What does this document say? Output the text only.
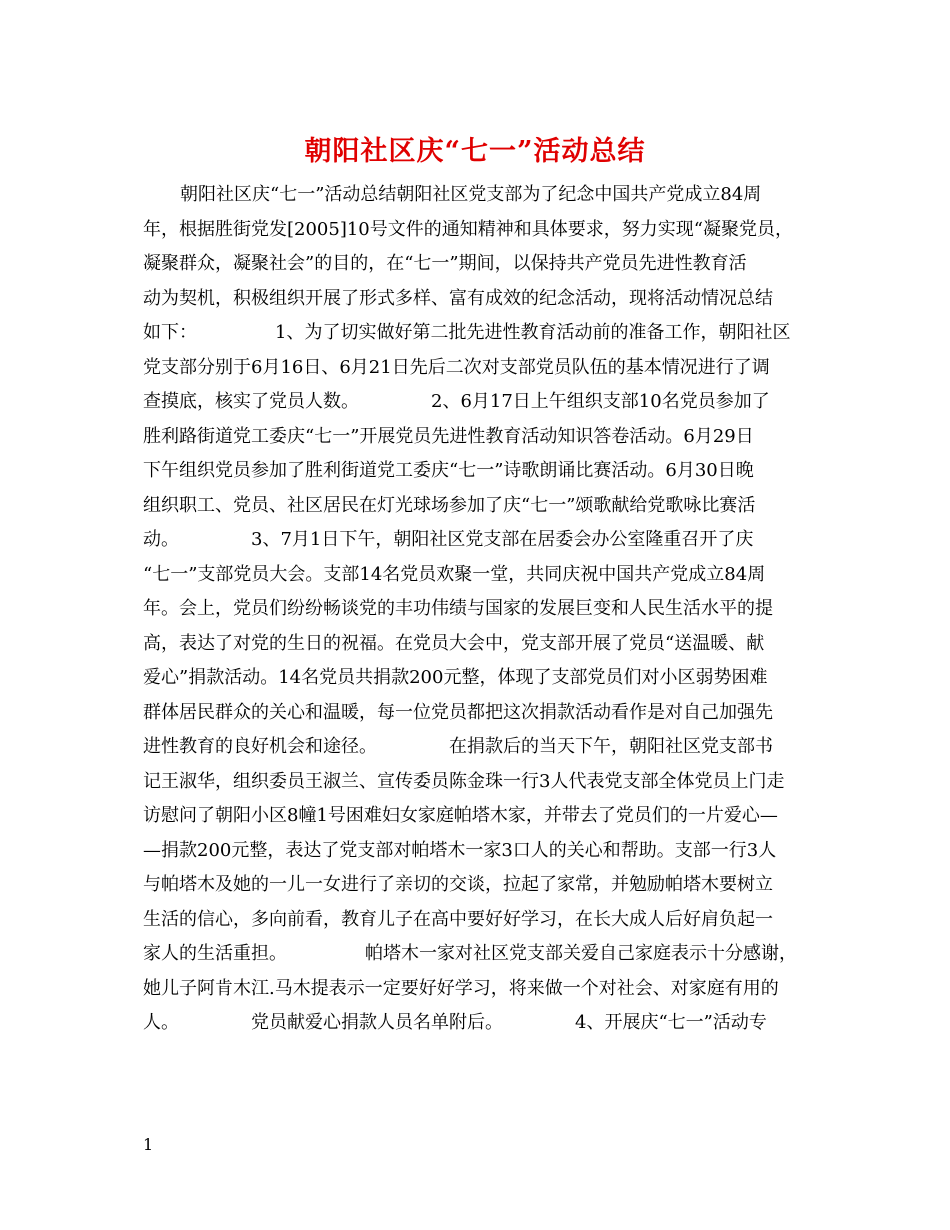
朝阳社区庆“七一”活动总结
朝阳社区庆“七一”活动总结朝阳社区党支部为了纪念中国共产党成立84周
年，根据胜街党发[2005]10号文件的通知精神和具体要求，努力实现“凝聚党员，
凝聚群众，凝聚社会”的目的，在“七一”期间，以保持共产党员先进性教育活
动为契机，积极组织开展了形式多样、富有成效的纪念活动，现将活动情况总结
如下：	1、为了切实做好第二批先进性教育活动前的准备工作，朝阳社区
党支部分别于6月16日、6月21日先后二次对支部党员队伍的基本情况进行了调
查摸底，核实了党员人数。	2、6月17日上午组织支部10名党员参加了
胜利路街道党工委庆“七一”开展党员先进性教育活动知识答卷活动。6月29日
下午组织党员参加了胜利街道党工委庆“七一”诗歌朗诵比赛活动。6月30日晚
组织职工、党员、社区居民在灯光球场参加了庆“七一”颂歌献给党歌咏比赛活
动。	3、7月1日下午，朝阳社区党支部在居委会办公室隆重召开了庆
“七一”支部党员大会。支部14名党员欢聚一堂，共同庆祝中国共产党成立84周
年。会上，党员们纷纷畅谈党的丰功伟绩与国家的发展巨变和人民生活水平的提
高，表达了对党的生日的祝福。在党员大会中，党支部开展了党员“送温暖、献
爱心”捐款活动。14名党员共捐款200元整，体现了支部党员们对小区弱势困难
群体居民群众的关心和温暖，每一位党员都把这次捐款活动看作是对自己加强先
进性教育的良好机会和途径。	在捐款后的当天下午，朝阳社区党支部书
记王淑华，组织委员王淑兰、宣传委员陈金珠一行3人代表党支部全体党员上门走
访慰问了朝阳小区8幢1号困难妇女家庭帕塔木家，并带去了党员们的一片爱心—
—捐款200元整，表达了党支部对帕塔木一家3口人的关心和帮助。支部一行3人
与帕塔木及她的一儿一女进行了亲切的交谈，拉起了家常，并勉励帕塔木要树立
生活的信心，多向前看，教育儿子在高中要好好学习，在长大成人后好肩负起一
家人的生活重担。	帕塔木一家对社区党支部关爱自己家庭表示十分感谢，
她儿子阿肯木江.马木提表示一定要好好学习，将来做一个对社会、对家庭有用的
人。	党员献爱心捐款人员名单附后。	4、开展庆“七一”活动专
1
